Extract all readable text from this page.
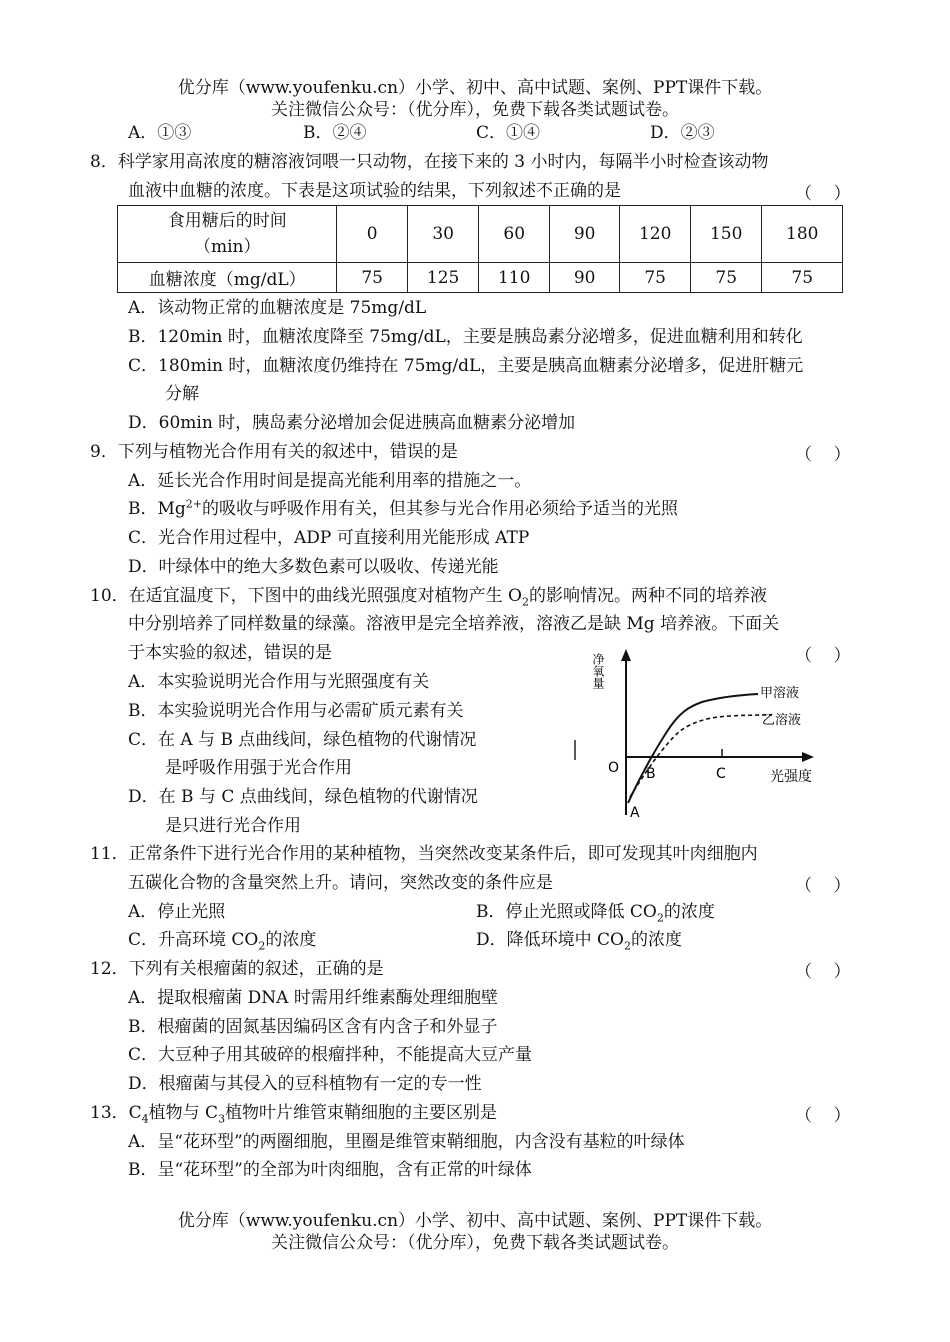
优分库（www.youfenku.cn）小学、初中、高中试题、案例、PPT课件下载。
关注微信公众号：（优分库），免费下载各类试题试卷。
A．①③	B．②④	C．①④	D．②③
8．科学家用高浓度的糖溶液饲喂一只动物，在接下来的 3 小时内，每隔半小时检查该动物
血液中血糖的浓度。下表是这项试验的结果，下列叙述不正确的是	（    ）
食用糖后的时间
（min）	0	30	60	90	120	150	180
血糖浓度（mg/dL）	75	125	110	90	75	75	75
A．该动物正常的血糖浓度是 75mg/dL
B．120min 时，血糖浓度降至 75mg/dL，主要是胰岛素分泌增多，促进血糖利用和转化
C．180min 时，血糖浓度仍维持在 75mg/dL，主要是胰高血糖素分泌增多，促进肝糖元
分解
D．60min 时，胰岛素分泌增加会促进胰高血糖素分泌增加
9．下列与植物光合作用有关的叙述中，错误的是	（    ）
A．延长光合作用时间是提高光能利用率的措施之一。
B．$Mg^{2+}$的吸收与呼吸作用有关，但其参与光合作用必须给予适当的光照
C．光合作用过程中，ADP 可直接利用光能形成 ATP
D．叶绿体中的绝大多数色素可以吸收、传递光能
10．在适宜温度下，下图中的曲线光照强度对植物产生 $O_2$的影响情况。两种不同的培养液
中分别培养了同样数量的绿藻。溶液甲是完全培养液，溶液乙是缺 Mg 培养液。下面关
于本实验的叙述，错误的是	（    ）
A．本实验说明光合作用与光照强度有关
B．本实验说明光合作用与必需矿质元素有关
C．在 A 与 B 点曲线间，绿色植物的代谢情况
是呼吸作用强于光合作用
D．在 B 与 C 点曲线间，绿色植物的代谢情况
是只进行光合作用
净氧量
甲溶液
乙溶液
O B	C
A
光强度
11．正常条件下进行光合作用的某种植物，当突然改变某条件后，即可发现其叶肉细胞内
五碳化合物的含量突然上升。请问，突然改变的条件应是	（    ）
A．停止光照	B．停止光照或降低 $CO_2$的浓度
C．升高环境 $CO_2$的浓度	D．降低环境中 $CO_2$的浓度
12．下列有关根瘤菌的叙述，正确的是	（    ）
A．提取根瘤菌 DNA 时需用纤维素酶处理细胞壁
B．根瘤菌的固氮基因编码区含有内含子和外显子
C．大豆种子用其破碎的根瘤拌种，不能提高大豆产量
D．根瘤菌与其侵入的豆科植物有一定的专一性
13．$C_4$植物与 $C_3$植物叶片维管束鞘细胞的主要区别是	（    ）
A．呈“花环型”的两圈细胞，里圈是维管束鞘细胞，内含没有基粒的叶绿体
B．呈“花环型”的全部为叶肉细胞，含有正常的叶绿体
优分库（www.youfenku.cn）小学、初中、高中试题、案例、PPT课件下载。
关注微信公众号：（优分库），免费下载各类试题试卷。
